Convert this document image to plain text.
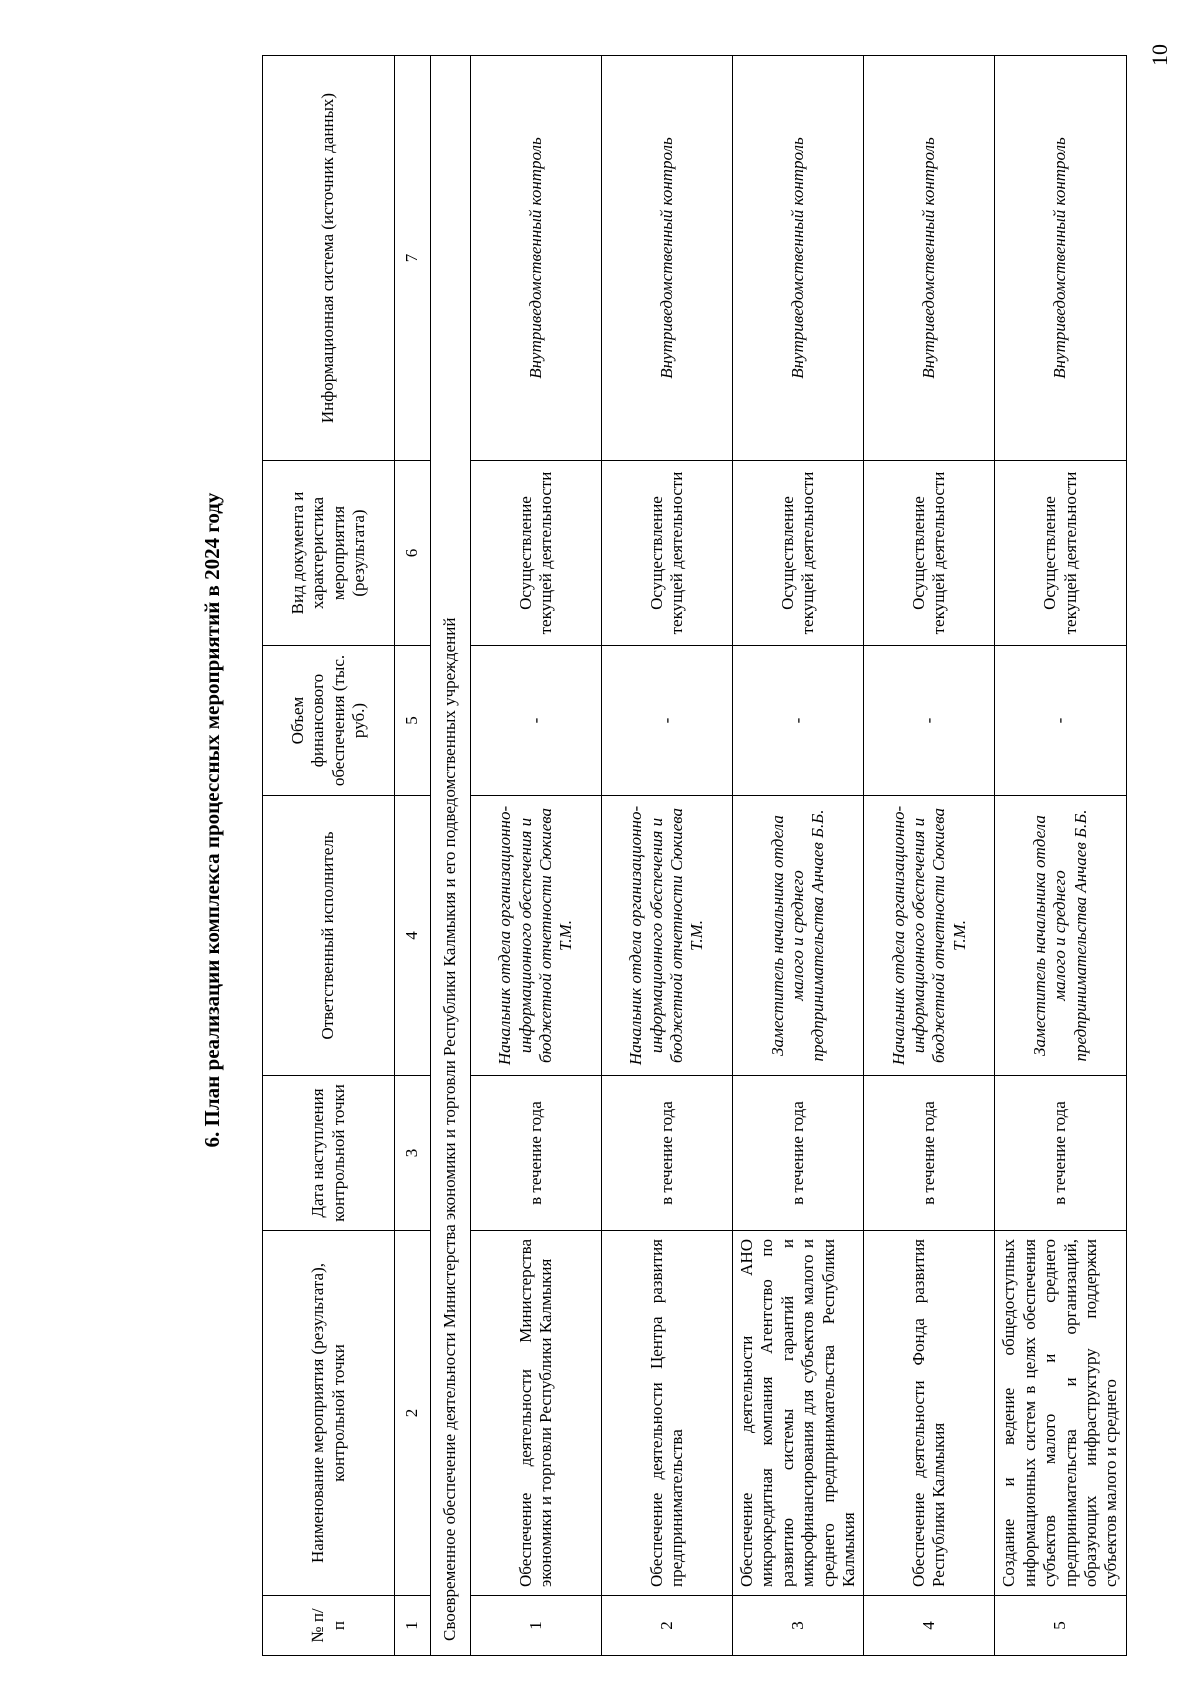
10
6. План реализации комплекса процессных мероприятий в 2024 году
№ п/п	Наименование мероприятия (результата), контрольной точки	Дата наступления контрольной точки	Ответственный исполнитель	Объем финансового обеспечения (тыс. руб.)	Вид документа и характеристика мероприятия (результата)	Информационная система (источник данных)
1	2	3	4	5	6	7
Своевременное обеспечение деятельности Министерства экономики и торговли Республики Калмыкия и его подведомственных учреждений						
1	Обеспечение деятельности Министерства экономики и торговли Республики Калмыкия	в течение года	Начальник отдела организационно-информационного обеспечения и бюджетной отчетности Сюкиева Т.М.	-	Осуществление текущей деятельности	Внутриведомственный контроль
2	Обеспечение деятельности Центра развития предпринимательства	в течение года	Начальник отдела организационно-информационного обеспечения и бюджетной отчетности Сюкиева Т.М.	-	Осуществление текущей деятельности	Внутриведомственный контроль
3	Обеспечение деятельности АНО микрокредитная компания Агентство по развитию системы гарантий и микрофинансирования для субъектов малого и среднего предпринимательства Республики Калмыкия	в течение года	Заместитель начальника отдела малого и среднего предпринимательства Анчаев Б.Б.	-	Осуществление текущей деятельности	Внутриведомственный контроль
4	Обеспечение деятельности Фонда развития Республики Калмыкия	в течение года	Начальник отдела организационно-информационного обеспечения и бюджетной отчетности Сюкиева Т.М.	-	Осуществление текущей деятельности	Внутриведомственный контроль
5	Создание и ведение общедоступных информационных систем в целях обеспечения субъектов малого и среднего предпринимательства и организаций, образующих инфраструктуру поддержки субъектов малого и среднего	в течение года	Заместитель начальника отдела малого и среднего предпринимательства Анчаев Б.Б.	-	Осуществление текущей деятельности	Внутриведомственный контроль
